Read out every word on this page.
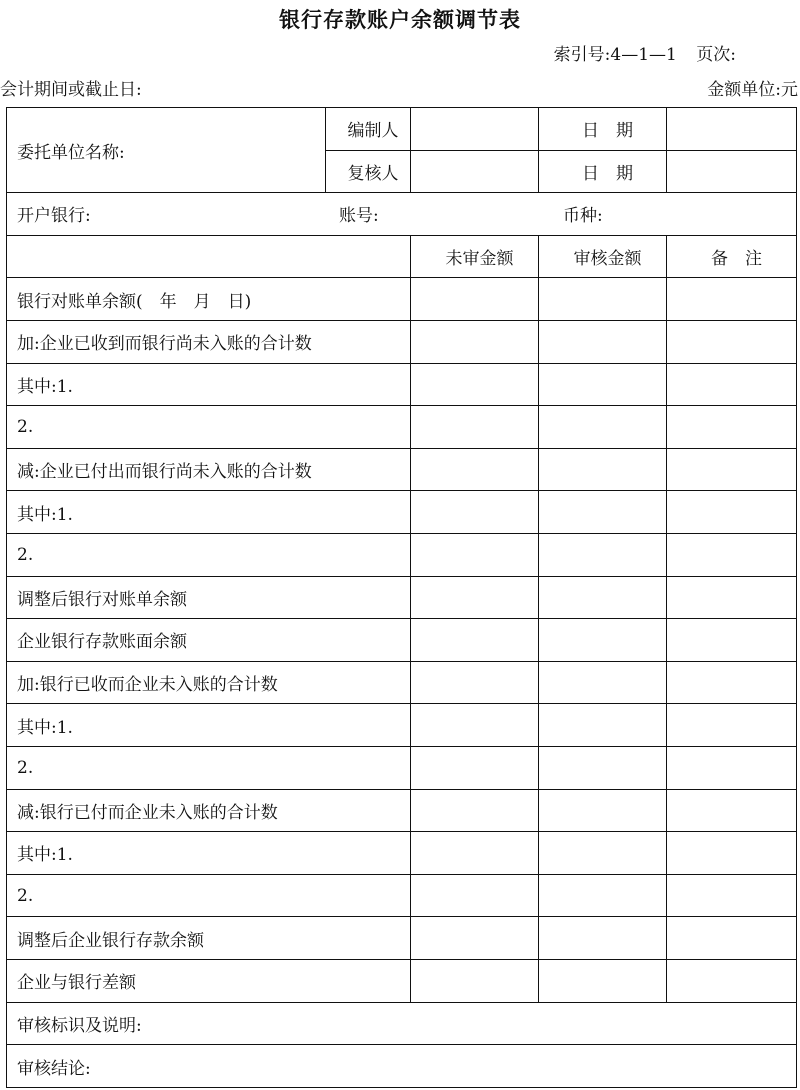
银行存款账户余额调节表
索引号:4—1—1 页次:
会计期间或截止日:	金额单位:元
委托单位名称:	编制人		日　期	
	复核人		日　期	
开户银行: 账号: 币种:				
		未审金额	审核金额	备　注
银行对账单余额(　年　月　日)				
加:企业已收到而银行尚未入账的合计数				
其中:1.				
2.				
减:企业已付出而银行尚未入账的合计数				
其中:1.				
2.				
调整后银行对账单余额				
企业银行存款账面余额				
加:银行已收而企业未入账的合计数				
其中:1.				
2.				
减:银行已付而企业未入账的合计数				
其中:1.				
2.				
调整后企业银行存款余额				
企业与银行差额				
审核标识及说明:				
审核结论:				
